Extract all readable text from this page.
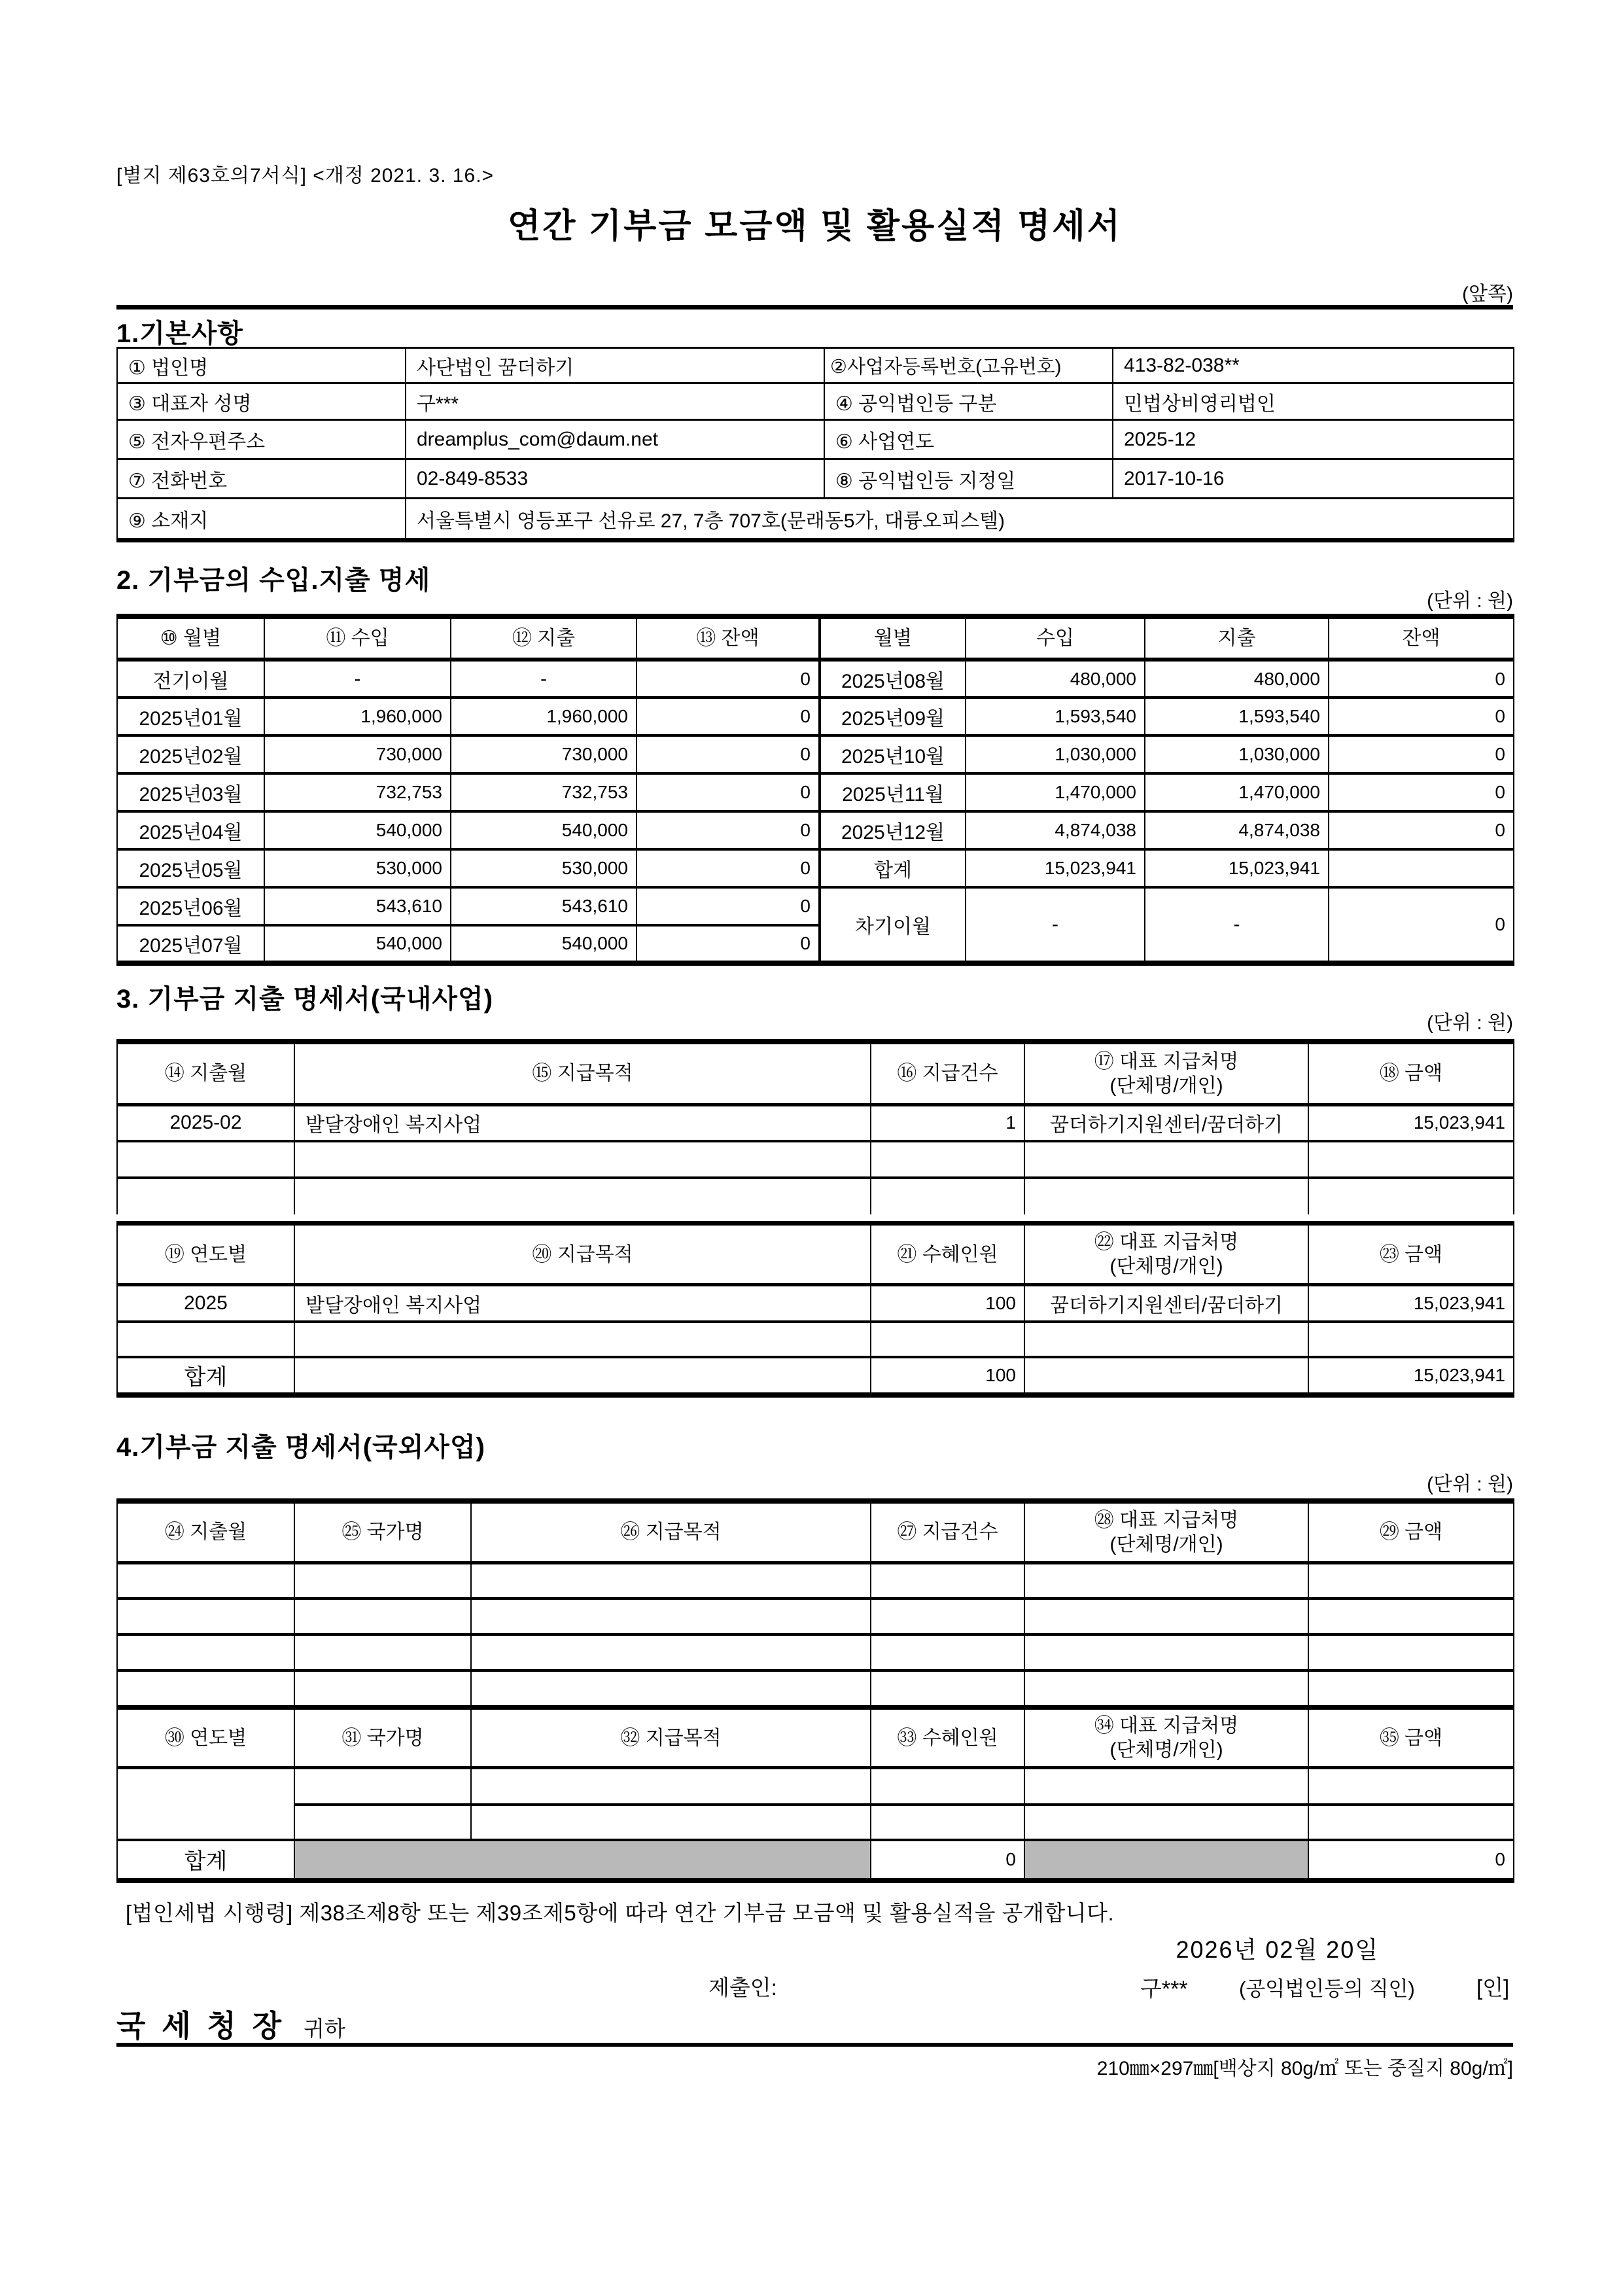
[별지 제63호의7서식] <개정 2021. 3. 16.>
연간 기부금 모금액 및 활용실적 명세서
(앞쪽)
1.기본사항
① 법인명	사단법인 꿈더하기	②사업자등록번호(고유번호)	413-82-038**
③ 대표자 성명	구***	④ 공익법인등 구분	민법상비영리법인
⑤ 전자우편주소	dreamplus_com@daum.net	⑥ 사업연도	2025-12
⑦ 전화번호	02-849-8533	⑧ 공익법인등 지정일	2017-10-16
⑨ 소재지	서울특별시 영등포구 선유로 27, 7층 707호(문래동5가, 대륭오피스텔)		
2. 기부금의 수입.지출 명세
(단위 : 원)
⑩ 월별	⑪ 수입	⑫ 지출	⑬ 잔액	월별	수입	지출	잔액
전기이월	-	-	0	2025년08월	480,000	480,000	0
2025년01월	1,960,000	1,960,000	0	2025년09월	1,593,540	1,593,540	0
2025년02월	730,000	730,000	0	2025년10월	1,030,000	1,030,000	0
2025년03월	732,753	732,753	0	2025년11월	1,470,000	1,470,000	0
2025년04월	540,000	540,000	0	2025년12월	4,874,038	4,874,038	0
2025년05월	530,000	530,000	0	합계	15,023,941	15,023,941	
2025년06월	543,610	543,610	0	차기이월	-	-	0
2025년07월	540,000	540,000	0				
3. 기부금 지출 명세서(국내사업)
(단위 : 원)
⑭ 지출월	⑮ 지급목적	⑯ 지급건수	⑰ 대표 지급처명
(단체명/개인)	⑱ 금액
2025-02	발달장애인 복지사업	1	꿈더하기지원센터/꿈더하기	15,023,941

⑲ 연도별	⑳ 지급목적	㉑ 수혜인원	㉒ 대표 지급처명
(단체명/개인)	㉓ 금액
2025	발달장애인 복지사업	100	꿈더하기지원센터/꿈더하기	15,023,941

합계		100		15,023,941
4.기부금 지출 명세서(국외사업)
(단위 : 원)
㉔ 지출월	㉕ 국가명	㉖ 지급목적	㉗ 지급건수	㉘ 대표 지급처명
(단체명/개인)	㉙ 금액

㉚ 연도별	㉛ 국가명	㉜ 지급목적	㉝ 수혜인원	㉞ 대표 지급처명
(단체명/개인)	㉟ 금액

합계			0		0
[법인세법 시행령] 제38조제8항 또는 제39조제5항에 따라 연간 기부금 모금액 및 활용실적을 공개합니다.
2026년 02월 20일
제출인:	구***	(공익법인등의 직인)	[인]
국 세 청 장 귀하
210㎜×297㎜[백상지 80g/㎡ 또는 중질지 80g/㎡]
